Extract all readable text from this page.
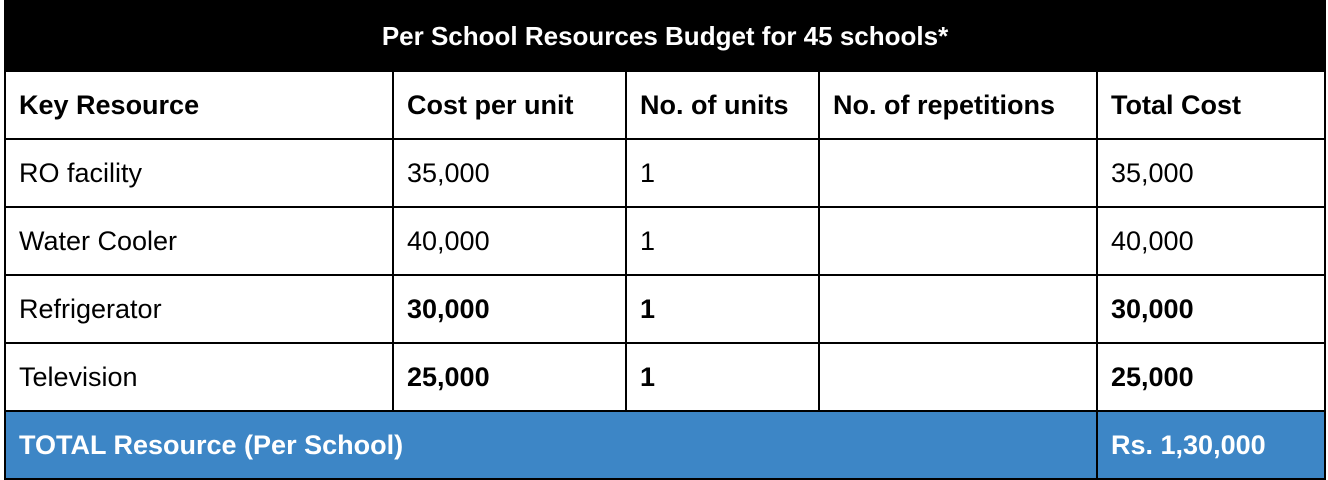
Per School Resources Budget for 45 schools*				
Key Resource	Cost per unit	No. of units	No. of repetitions	Total Cost
RO facility	35,000	1		35,000
Water Cooler	40,000	1		40,000
Refrigerator	30,000	1		30,000
Television	25,000	1		25,000
TOTAL Resource (Per School)				Rs. 1,30,000
